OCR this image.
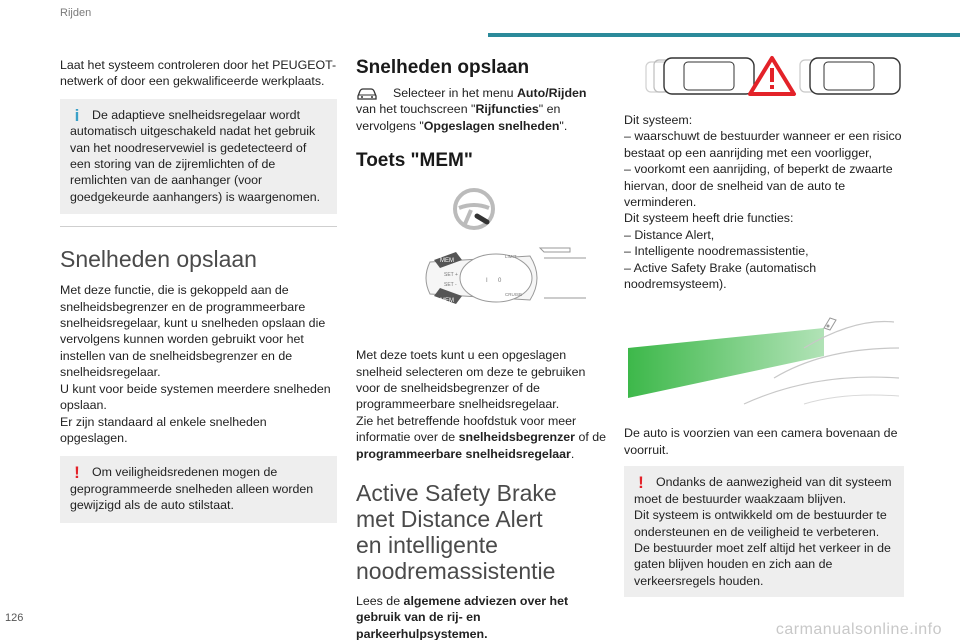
Rijden

Laat het systeem controleren door het PEUGEOT-netwerk of door een gekwalificeerde werkplaats.

i	De adaptieve snelheidsregelaar wordt automatisch uitgeschakeld nadat het gebruik van het noodreservewiel is gedetecteerd of een storing van de zijremlichten of de remlichten van de aanhanger (voor goedgekeurde aanhangers) is waargenomen.

Snelheden opslaan

Met deze functie, die is gekoppeld aan de snelheidsbegrenzer en de programmeerbare snelheidsregelaar, kunt u snelheden opslaan die vervolgens kunnen worden gebruikt voor het instellen van de snelheidsbegrenzer en de snelheidsregelaar.

U kunt voor beide systemen meerdere snelheden opslaan.

Er zijn standaard al enkele snelheden opgeslagen.

! Om veiligheidsredenen mogen de geprogrammeerde snelheden alleen worden gewijzigd als de auto stilstaat.

Snelheden opslaan

Selecteer in het menu Auto/Rijden van het touchscreen "Rijfuncties" en vervolgens "Opgeslagen snelheden".

Toets "MEM"
MEM
SET +
SET -
MEM
LIMIT
CRUISE
0
I

Met deze toets kunt u een opgeslagen snelheid selecteren om deze te gebruiken voor de snelheidsbegrenzer of de programmeerbare snelheidsregelaar.

Zie het betreffende hoofdstuk voor meer informatie over de snelheidsbegrenzer of de programmeerbare snelheidsregelaar.

Active Safety Brake met Distance Alert en intelligente noodremassistentie

Lees de algemene adviezen over het gebruik van de rij- en parkeerhulpsystemen.

Dit systeem:

– waarschuwt de bestuurder wanneer er een risico bestaat op een aanrijding met een voorligger,

– voorkomt een aanrijding, of beperkt de zwaarte hiervan, door de snelheid van de auto te verminderen.

Dit systeem heeft drie functies:

– Distance Alert,

– Intelligente noodremassistentie,

– Active Safety Brake (automatisch noodremsysteem).

De auto is voorzien van een camera bovenaan de voorruit.

! Ondanks de aanwezigheid van dit systeem moet de bestuurder waakzaam blijven.

Dit systeem is ontwikkeld om de bestuurder te ondersteunen en de veiligheid te verbeteren.

De bestuurder moet zelf altijd het verkeer in de gaten blijven houden en zich aan de verkeersregels houden.

126
carmanualsonline.info
